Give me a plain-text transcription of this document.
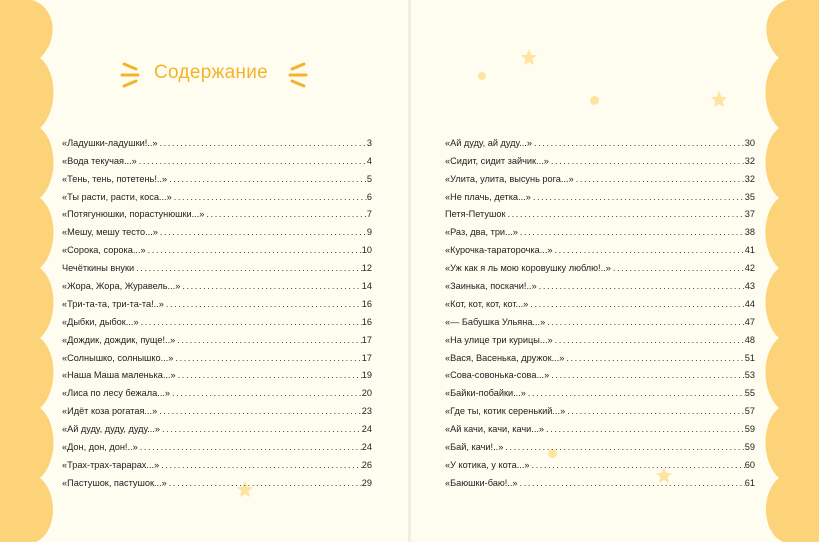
Содержание
«Ладушки-ладушки!..» .....	3
«Вода текучая...» .....	4
«Тень, тень, потетень!..» .....	5
«Ты расти, расти, коса...» .....	6
«Потягунюшки, порастунюшки...» .....	7
«Мешу, мешу тесто...» .....	9
«Сорока, сорока...» .....	10
Чечёткины внуки .....	12
«Жора, Жора, Журавель...» .....	14
«Три-та-та, три-та-та!..» .....	16
«Дыбки, дыбок...» .....	16
«Дождик, дождик, пуще!..» .....	17
«Солнышко, солнышко...» .....	17
«Наша Маша маленька...» .....	19
«Лиса по лесу бежала...» .....	20
«Идёт коза рогатая...» .....	23
«Ай дуду, дуду, дуду...» .....	24
«Дон, дон, дон!..» .....	24
«Трах-трах-тарарах...» .....	26
«Пастушок, пастушок...» .....	29
«Ай дуду, ай дуду...» .....	30
«Сидит, сидит зайчик...» .....	32
«Улита, улита, высунь рога...» .....	32
«Не плачь, детка...» .....	35
Петя-Петушок .....	37
«Раз, два, три...» .....	38
«Курочка-тараторочка...» .....	41
«Уж как я ль мою коровушку люблю!..» .....	42
«Заинька, поскачи!..» .....	43
«Кот, кот, кот, кот...» .....	44
«— Бабушка Ульяна...» .....	47
«На улице три курицы...» .....	48
«Вася, Васенька, дружок...» .....	51
«Сова-совонька-сова...» .....	53
«Байки-побайки...» .....	55
«Где ты, котик серенький...» .....	57
«Ай качи, качи, качи...» .....	59
«Бай, качи!..» .....	59
«У котика, у кота...» .....	60
«Баюшки-баю!..» .....	61
